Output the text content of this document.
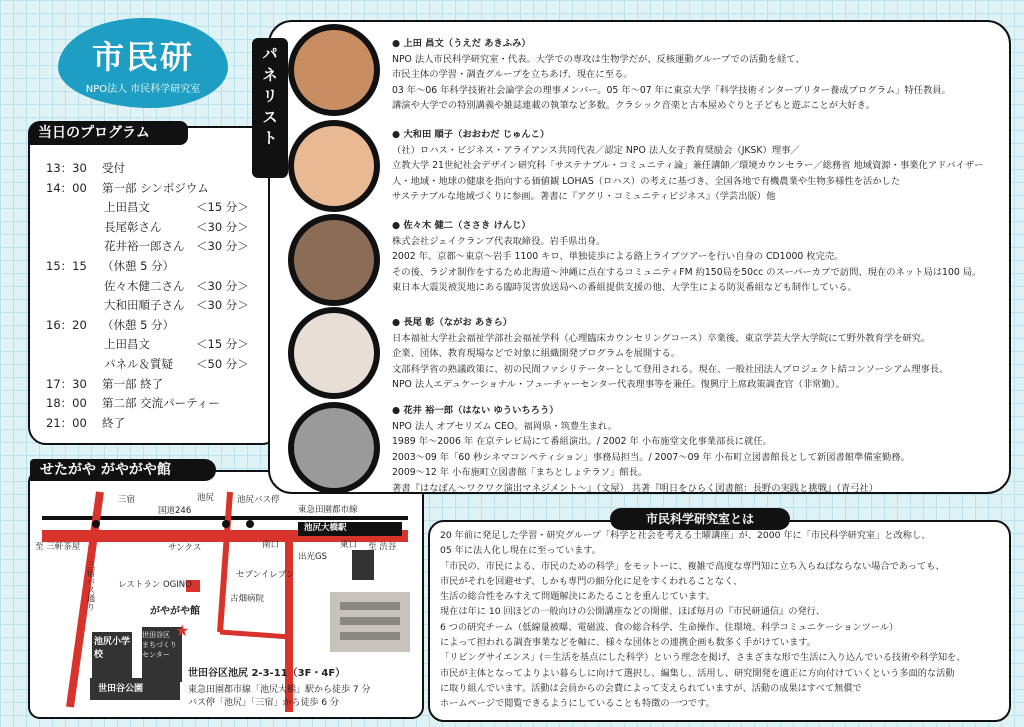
市民研
NPO法人 市民科学研究室
当日のプログラム
13：30	受付
14：00	第一部 シンポジウム
上田昌文	＜15 分＞
長尾彰さん	＜30 分＞
花井裕一郎さん ＜30 分＞
15：15	（休憩 5 分）
佐々木健二さん ＜30 分＞
大和田順子さん ＜30 分＞
16：20	（休憩 5 分）
上田昌文	＜15 分＞
パネル＆質疑 ＜50 分＞
17：30	第一部 終了
18：00	第二部 交流パーティー
21：00	終了
★
せたがや がやがや館
三宿	池尻	池尻バス停
東急田園都市線
国道246
池尻大橋駅
至 三軒茶屋	至 渋谷
南口	東口
サンクス
出光GS
セブンイレブン
レストラン OGINO
古畑病院
三宿バス通り
がやがや館
池尻小学校
世田谷区 まちづくり センター
世田谷公園
世田谷区池尻 2-3-11（3F・4F）
東急田園都市線「池尻大橋」駅から徒歩 7 分
バス停「池尻」「三宿」から徒歩 6 分
パネリスト
● 上田 昌文（うえだ あきふみ）
NPO 法人市民科学研究室・代表。大学での専攻は生物学だが、反核運動グループでの活動を経て、
市民主体の学習・調査グループを立ちあげ、現在に至る。
03 年〜06 年科学技術社会論学会の理事メンバー。05 年〜07 年に東京大学「科学技術インタープリター養成プログラム」特任教員。
講演や大学での特別講義や雑誌連載の執筆など多数。クラシック音楽と古本屋めぐりと子どもと遊ぶことが大好き。
● 大和田 順子（おおわだ じゅんこ）
（社）ロハス・ビジネス・アライアンス共同代表／認定 NPO 法人女子教育奨励会（JKSK）理事／
立教大学 21世紀社会デザイン研究科「サステナブル・コミュニティ論」兼任講師／環境カウンセラー／総務省 地域資源・事業化アドバイザー
人・地域・地球の健康を指向する価値観 LOHAS（ロハス）の考えに基づき、全国各地で有機農業や生物多様性を活かした
サステナブルな地域づくりに参画。著書に『アグリ・コミュニティビジネス』（学芸出版）他
● 佐々木 健二（ささき けんじ）
株式会社ジェイクランブ代表取締役。岩手県出身。
2002 年、京都〜東京〜岩手 1100 キロ、単独徒歩による路上ライブツアーを行い自身の CD1000 枚完売。
その後、ラジオ制作をするため北海道〜沖縄に点在するコミュニティFM 約150局を50cc のスーパーカブで訪問、現在のネット局は100 局。
東日本大震災被災地にある臨時災害放送局への番組提供支援の他、大学生による防災番組なども制作している。
● 長尾 彰（ながお あきら）
日本福祉大学社会福祉学部社会福祉学科（心理臨床カウンセリングコース）卒業後、東京学芸大学大学院にて野外教育学を研究。
企業、団体、教育現場などで対象に組織開発プログラムを展開する。
文部科学省の熟議政策に、初の民間ファシリテーターとして登用される。現在、一般社団法人プロジェクト結コンソーシアム理事長、
NPO 法人エデュケーショナル・フューチャーセンター代表理事等を兼任。復興庁上席政策調査官（非常勤）。
● 花井 裕一郎（はない ゆういちろう）
NPO 法人 オブセリズム CEO。福岡県・筑豊生まれ。
1989 年〜2006 年 在京テレビ局にて番組演出。/ 2002 年 小布施堂文化事業部長に就任。
2003〜09 年「60 秒シネマコンペティション」事務局担当。/ 2007〜09 年 小布町立図書館長として新図書館準備室勤務。
2009〜12 年 小布施町立図書館「まちとしょテラソ」館長。
著書『はなぼん〜ワクワク演出マネジメント〜』（文屋） 共著『明日をひらく図書館：長野の実践と挑戦』（青弓社）
市民科学研究室とは
20 年前に発足した学習・研究グループ「科学と社会を考える土曜講座」が、2000 年に「市民科学研究室」と改称し、
05 年に法人化し現在に至っています。
「市民の、市民による、市民のための科学」をモットーに、複雑で高度な専門知に立ち入らねばならない場合であっても、
市民がそれを回避せず、しかも専門の細分化に足をすくわれることなく、
生活の総合性をみすえて問題解決にあたることを重んじています。
現在は年に 10 回ほどの一般向けの公開講座などの開催、ほぼ毎月の『市民研通信』の発行、
6 つの研究チーム（低線量被曝、電磁波、食の総合科学、生命操作、住環境、科学コミュニケーションツール）
によって担われる調査事業などを軸に、様々な団体との連携企画も数多く手がけています。
「リビングサイエンス」(＝生活を基点にした科学）という理念を掲げ、さまざまな形で生活に入り込んでいる技術や科学知を、
市民が主体となってよりよい暮らしに向けて選択し、編集し、活用し、研究開発を適正に方向付けていくという多面的な活動
に取り組んでいます。活動は会員からの会費によって支えられていますが、活動の成果はすべて無償で
ホームページで閲覧できるようにしていることも特徴の一つです。
